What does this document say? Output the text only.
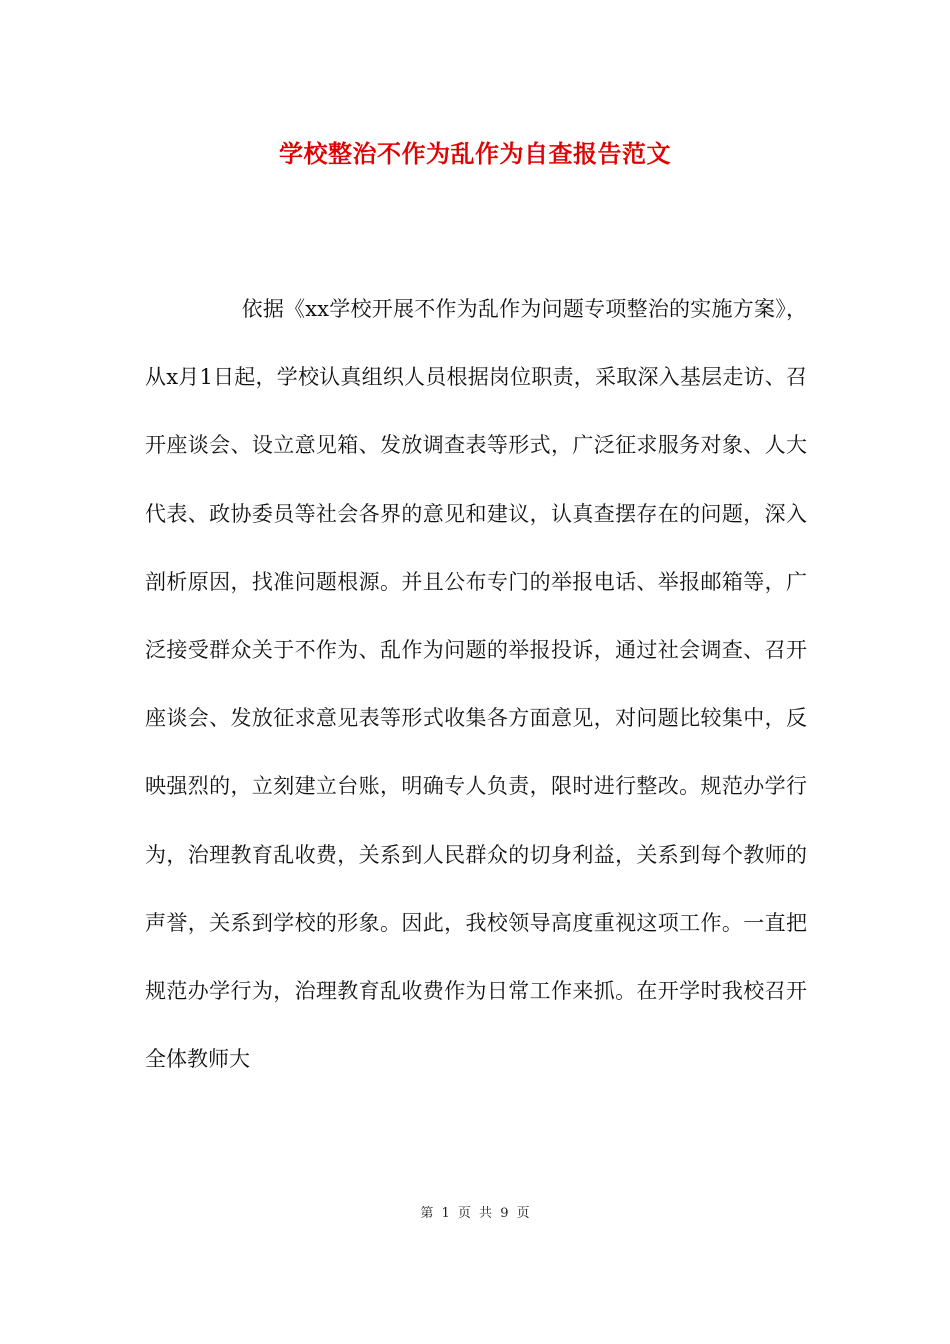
学校整治不作为乱作为自查报告范文

依据《xx学校开展不作为乱作为问题专项整治的实施方案》，从x月1日起，学校认真组织人员根据岗位职责，采取深入基层走访、召开座谈会、设立意见箱、发放调查表等形式，广泛征求服务对象、人大代表、政协委员等社会各界的意见和建议，认真查摆存在的问题，深入剖析原因，找准问题根源。并且公布专门的举报电话、举报邮箱等，广泛接受群众关于不作为、乱作为问题的举报投诉，通过社会调查、召开座谈会、发放征求意见表等形式收集各方面意见，对问题比较集中，反映强烈的，立刻建立台账，明确专人负责，限时进行整改。规范办学行为，治理教育乱收费，关系到人民群众的切身利益，关系到每个教师的声誉，关系到学校的形象。因此，我校领导高度重视这项工作。一直把规范办学行为，治理教育乱收费作为日常工作来抓。在开学时我校召开全体教师大

第 1 页 共 9 页
